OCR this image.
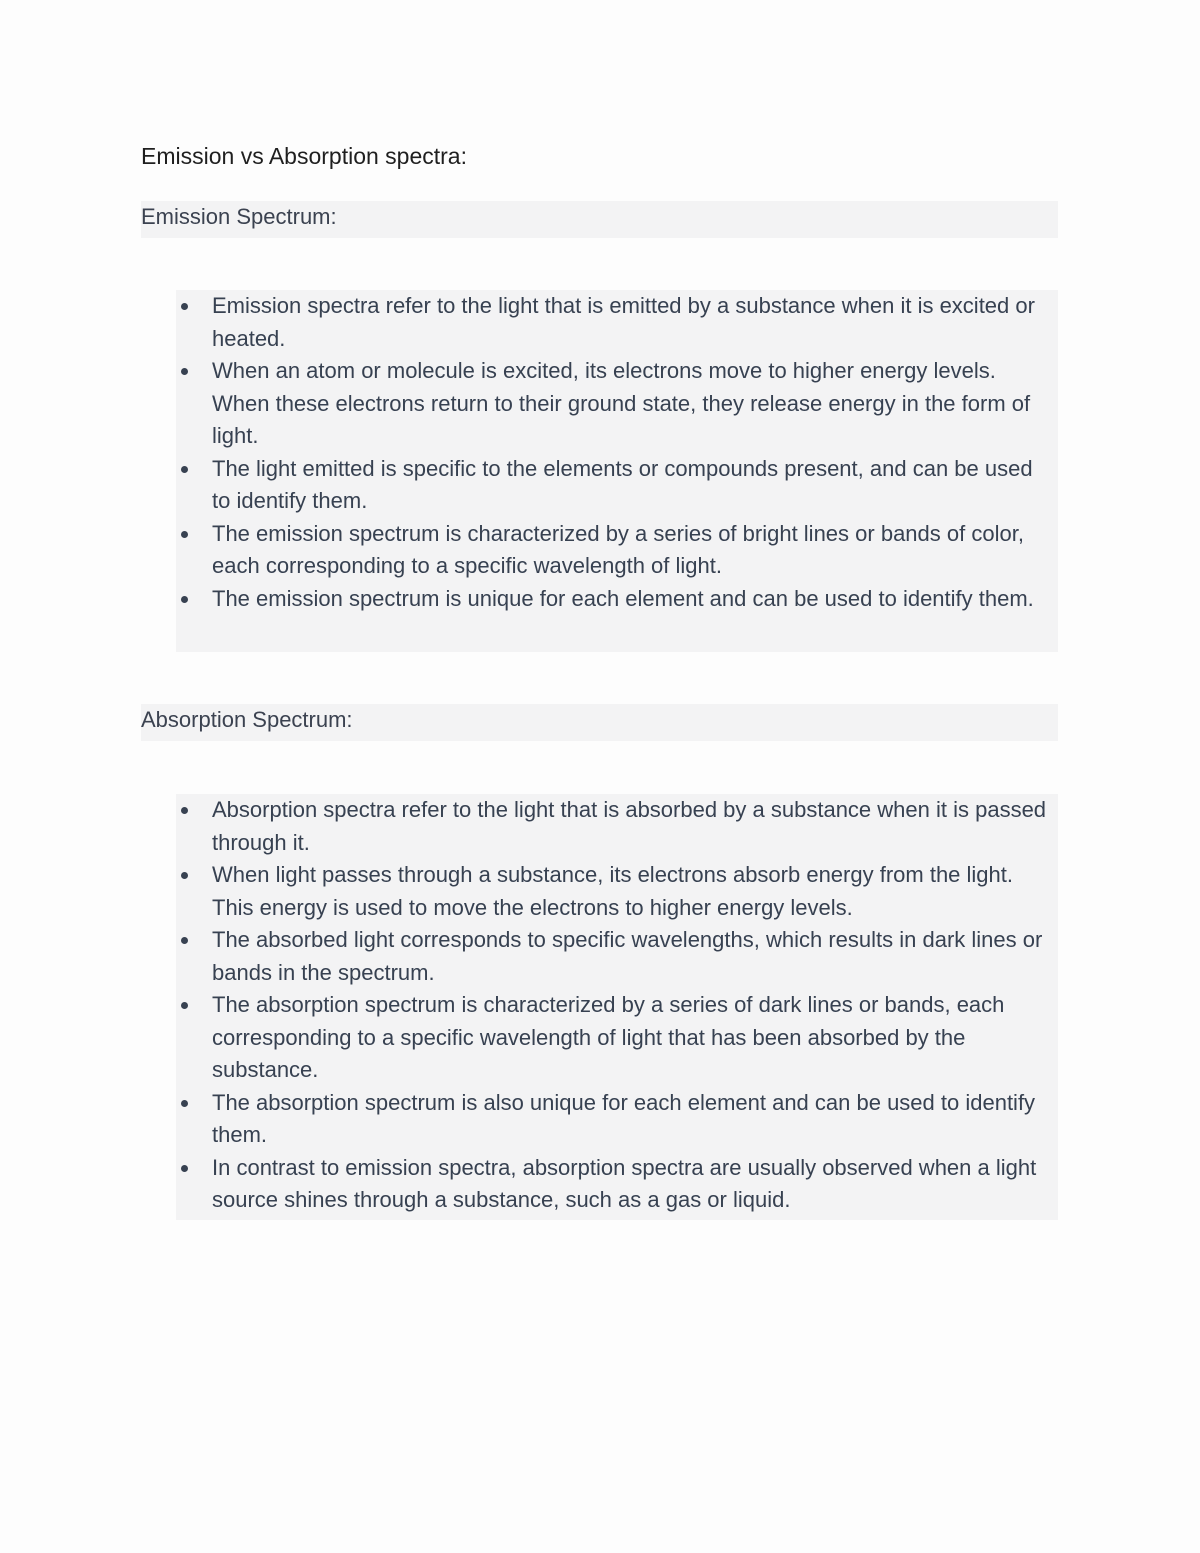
Emission vs Absorption spectra:
Emission Spectrum:
Emission spectra refer to the light that is emitted by a substance when it is excited or heated.
When an atom or molecule is excited, its electrons move to higher energy levels. When these electrons return to their ground state, they release energy in the form of light.
The light emitted is specific to the elements or compounds present, and can be used to identify them.
The emission spectrum is characterized by a series of bright lines or bands of color, each corresponding to a specific wavelength of light.
The emission spectrum is unique for each element and can be used to identify them.
Absorption Spectrum:
Absorption spectra refer to the light that is absorbed by a substance when it is passed through it.
When light passes through a substance, its electrons absorb energy from the light. This energy is used to move the electrons to higher energy levels.
The absorbed light corresponds to specific wavelengths, which results in dark lines or bands in the spectrum.
The absorption spectrum is characterized by a series of dark lines or bands, each corresponding to a specific wavelength of light that has been absorbed by the substance.
The absorption spectrum is also unique for each element and can be used to identify them.
In contrast to emission spectra, absorption spectra are usually observed when a light source shines through a substance, such as a gas or liquid.
